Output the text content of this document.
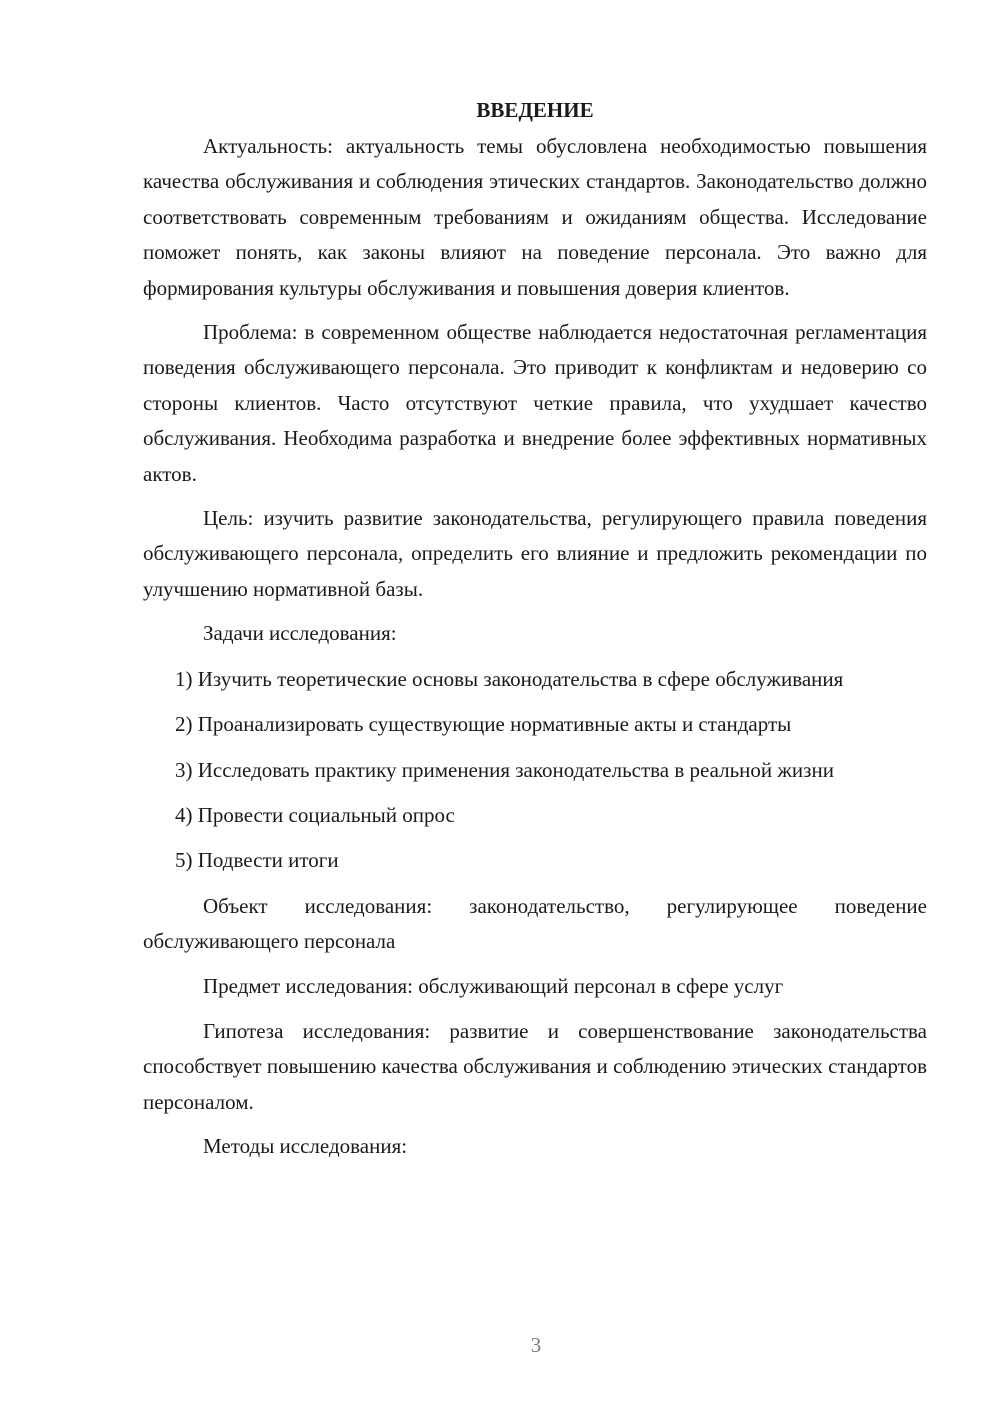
ВВЕДЕНИЕ

Актуальность: актуальность темы обусловлена необходимостью повышения качества обслуживания и соблюдения этических стандартов. Законодательство должно соответствовать современным требованиям и ожиданиям общества. Исследование поможет понять, как законы влияют на поведение персонала. Это важно для формирования культуры обслуживания и повышения доверия клиентов.

Проблема: в современном обществе наблюдается недостаточная регламентация поведения обслуживающего персонала. Это приводит к конфликтам и недоверию со стороны клиентов. Часто отсутствуют четкие правила, что ухудшает качество обслуживания. Необходима разработка и внедрение более эффективных нормативных актов.

Цель: изучить развитие законодательства, регулирующего правила поведения обслуживающего персонала, определить его влияние и предложить рекомендации по улучшению нормативной базы.

Задачи исследования:

1) Изучить теоретические основы законодательства в сфере обслуживания

2) Проанализировать существующие нормативные акты и стандарты

3) Исследовать практику применения законодательства в реальной жизни

4) Провести социальный опрос

5) Подвести итоги

Объект исследования: законодательство, регулирующее поведение обслуживающего персонала

Предмет исследования: обслуживающий персонал в сфере услуг

Гипотеза исследования: развитие и совершенствование законодательства способствует повышению качества обслуживания и соблюдению этических стандартов персоналом.

Методы исследования:

3
